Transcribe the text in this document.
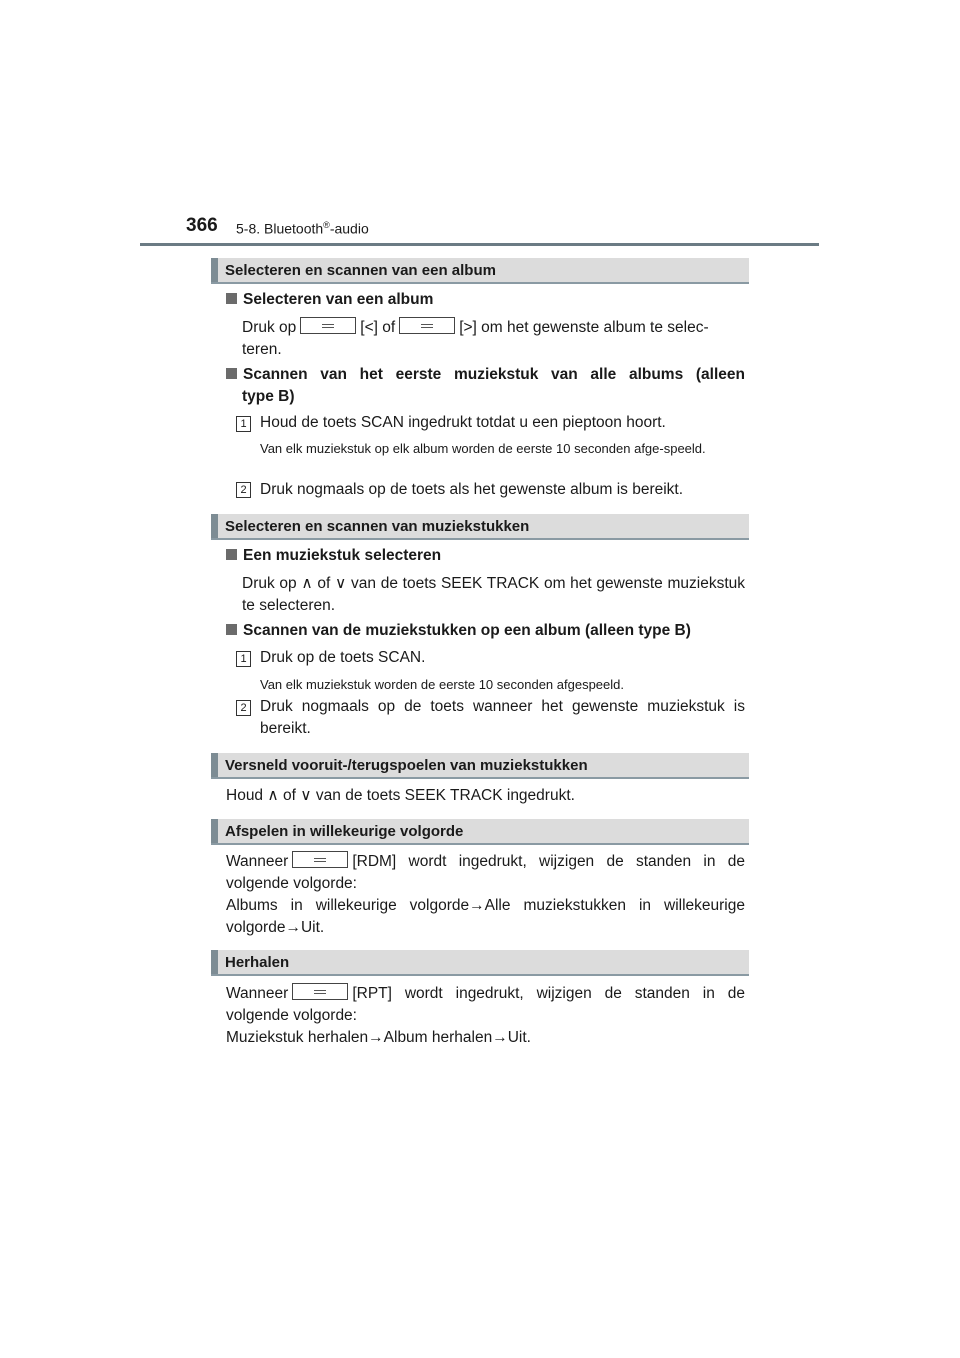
366 5-8. Bluetooth®-audio
Selecteren en scannen van een album
Selecteren van een album
Druk op	[<] of	[>] om het gewenste album te selec-
teren.
Scannen van het eerste muziekstuk van alle albums (alleen
type B)
1 Houd de toets SCAN ingedrukt totdat u een pieptoon hoort.
Van elk muziekstuk op elk album worden de eerste 10 seconden afge-speeld.
2 Druk nogmaals op de toets als het gewenste album is bereikt.
Selecteren en scannen van muziekstukken
Een muziekstuk selecteren
Druk op ∧ of ∨ van de toets SEEK TRACK om het gewenste muziekstuk te selecteren.
Scannen van de muziekstukken op een album (alleen type B)
1 Druk op de toets SCAN.
Van elk muziekstuk worden de eerste 10 seconden afgespeeld.
2 Druk nogmaals op de toets wanneer het gewenste muziekstuk is bereikt.
Versneld vooruit-/terugspoelen van muziekstukken
Houd ∧ of ∨ van de toets SEEK TRACK ingedrukt.
Afspelen in willekeurige volgorde
Wanneer	[RDM] wordt ingedrukt, wijzigen de standen in de volgende volgorde:
Albums in willekeurige volgorde→Alle muziekstukken in willekeurige volgorde→Uit.
Herhalen
Wanneer	[RPT] wordt ingedrukt, wijzigen de standen in de volgende volgorde:
Muziekstuk herhalen→Album herhalen→Uit.
